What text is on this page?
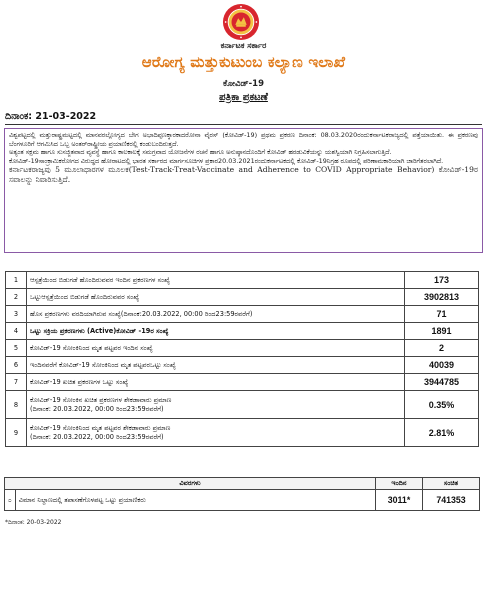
ಕರ್ನಾಟಕ ಸರ್ಕಾರ
ಆರೋಗ್ಯ ಮತ್ತುಕುಟುಂಬ ಕಲ್ಯಾಣ ಇಲಾಖೆ
ಕೋವಿಡ್-19
ಪತ್ರಿಕಾ ಪ್ರಕಟಣೆ
ದಿನಾಂಕ: 21-03-2022

ವಿಶ್ವಪಟ್ಟದಲ್ಲಿ ಮತ್ತುರಾಷ್ಟ್ರಮಟ್ಟದಲ್ಲಿ ಮಾನವರಲ್ಲೋಗ್ಯದ ಬೇಗ ಅಭಾದಿಪ್ಪಣಕ್ಕಾರಕಾದರೋನಾ ವೈರಸ್ (ಕೋವಿಡ್-19) ಪ್ರಥಮ ಪ್ರಕರಣ ದಿನಾಂಕ: 08.03.2020ರಂದುಕರ್ನಾಟಕರಾಜ್ಯದಲ್ಲಿ ಪತ್ತೆಯಾಯಿತು. ಈ ಪ್ರಕರಣವು ಬೆಂಗಳೂರಿಗೆ ಆಗಮಿಸಿದ ಒಬ್ಬ ಅಂತರ್‌ರಾಷ್ಟ್ರೀಯ ಪ್ರಯಾಣಿಕರಲ್ಲಿ ಕಂಡುಬಂದಿರುತ್ತದೆ.

ಅತ್ಯಂತ ಸಕ್ಷಮ ಹಾಗೂ ಸುಸಜ್ಜಿತವಾದ ವ್ಯವಸ್ಥೆ ಹಾಗೂ ಕಾಲಕಾಲಕ್ಕೆ ಸಮಗ್ರವಾದ ಯೋಜನೆಗಳ ರಚನೆ ಹಾಗೂ ಅನುಷ್ಠಾನದೊಂದಿಗೆ ಕೋವಿಡ್ ಹರಡುವಿಕೆಯನ್ನು ಯಶಸ್ವಿಯಾಗಿ ನಿಗ್ರಹಿಸಲಾಗುತ್ತಿದೆ.

ಕೋವಿಡ್-19ಸಾಂಕ್ರಾಮಿಕರೋಗದ ವಿರುದ್ಧದ ಹೋರಾಟದಲ್ಲಿ ಭಾರತ ಸರ್ಕಾರದ ಮಾರ್ಗಸೂಚಿಗಳ ಪ್ರಕಾರ20.03.2021ರಂದುಕರ್ನಾಟಕದಲ್ಲಿ ಕೋವಿಡ್-19ನಿಗ್ರಹ ರೂಪದಲ್ಲಿ ಪರಿಣಾಮಕಾರಿಯಾಗಿ ಜಾರಿಗೆತರಲಾಗಿದೆ.

ಕರ್ನಾಟಕರಾಜ್ಯವು 5 ಮೂಲಾಧಾರಗಳ ಮೂಲಕ(Test-Track-Treat-Vaccinate and Adherence to COVID Appropriate Behavior) ಕೋವಿಡ್-19ರ ಸವಾಲನ್ನು ನಿವಾರಿಸುತ್ತಿದೆ.

1	ಆಸ್ಪತ್ರೆಯಿಂದ ಬಿಡುಗಡೆ ಹೊಂದಿರುವವರ ಇಂದಿನ ಪ್ರಕರಣಗಳ ಸಂಖ್ಯೆ	173
2	ಒಟ್ಟುಆಸ್ಪತ್ರೆಯಿಂದ ಬಿಡುಗಡೆ ಹೊಂದಿರುವವರ ಸಂಖ್ಯೆ	3902813
3	ಹೊಸ ಪ್ರಕರಣಗಳು ವರದಿಯಾಗಿರುವ ಸಂಖ್ಯೆ(ದಿನಾಂಕ:20.03.2022, 00:00 ರಿಂದ23:59ರವರೆಗೆ)	71
4	ಒಟ್ಟು ಸಕ್ರಿಯ ಪ್ರಕರಣಗಳು (Active)ಕೋವಿಡ್ -19ರ ಸಂಖ್ಯೆ	1891
5	ಕೋವಿಡ್-19 ಸೋಂಕಿನಿಂದ ಮೃತ ಪಟ್ಟವರ ಇಂದಿನ ಸಂಖ್ಯೆ	2
6	ಇಂದಿನವರೆಗೆ ಕೋವಿಡ್-19 ಸೋಂಕಿನಿಂದ ಮೃತ ಪಟ್ಟವರಒಟ್ಟು ಸಂಖ್ಯೆ	40039
7	ಕೋವಿಡ್-19 ಖಚಿತ ಪ್ರಕರಣಗಳ ಒಟ್ಟು ಸಂಖ್ಯೆ	3944785
8	ಕೋವಿಡ್-19 ಸೋಂಕಿನ ಖಚಿತ ಪ್ರಕರಣಗಳ ಶೇಕಡಾವಾರು ಪ್ರಮಾಣ
(ದಿನಾಂಕ: 20.03.2022, 00:00 ರಿಂದ23:59ರವರೆಗೆ)	0.35%
9	ಕೋವಿಡ್-19 ಸೋಂಕಿನಿಂದ ಮೃತ ಪಟ್ಟವರ ಶೇಕಡಾವಾರು ಪ್ರಮಾಣ
(ದಿನಾಂಕ: 20.03.2022, 00:00 ರಿಂದ23:59ರವರೆಗೆ)	2.81%
ವಿವರಗಳು		ಇಂದಿನ	ಸಂಚಿತ
೦	ವಿಮಾನ ನಿಲ್ದಾಣದಲ್ಲಿ ತಪಾಸಣೆಗೊಳಪಟ್ಟ ಒಟ್ಟು ಪ್ರಯಾಣಿಕರು	3011*	741353
*ದಿನಾಂಕ: 20-03-2022
